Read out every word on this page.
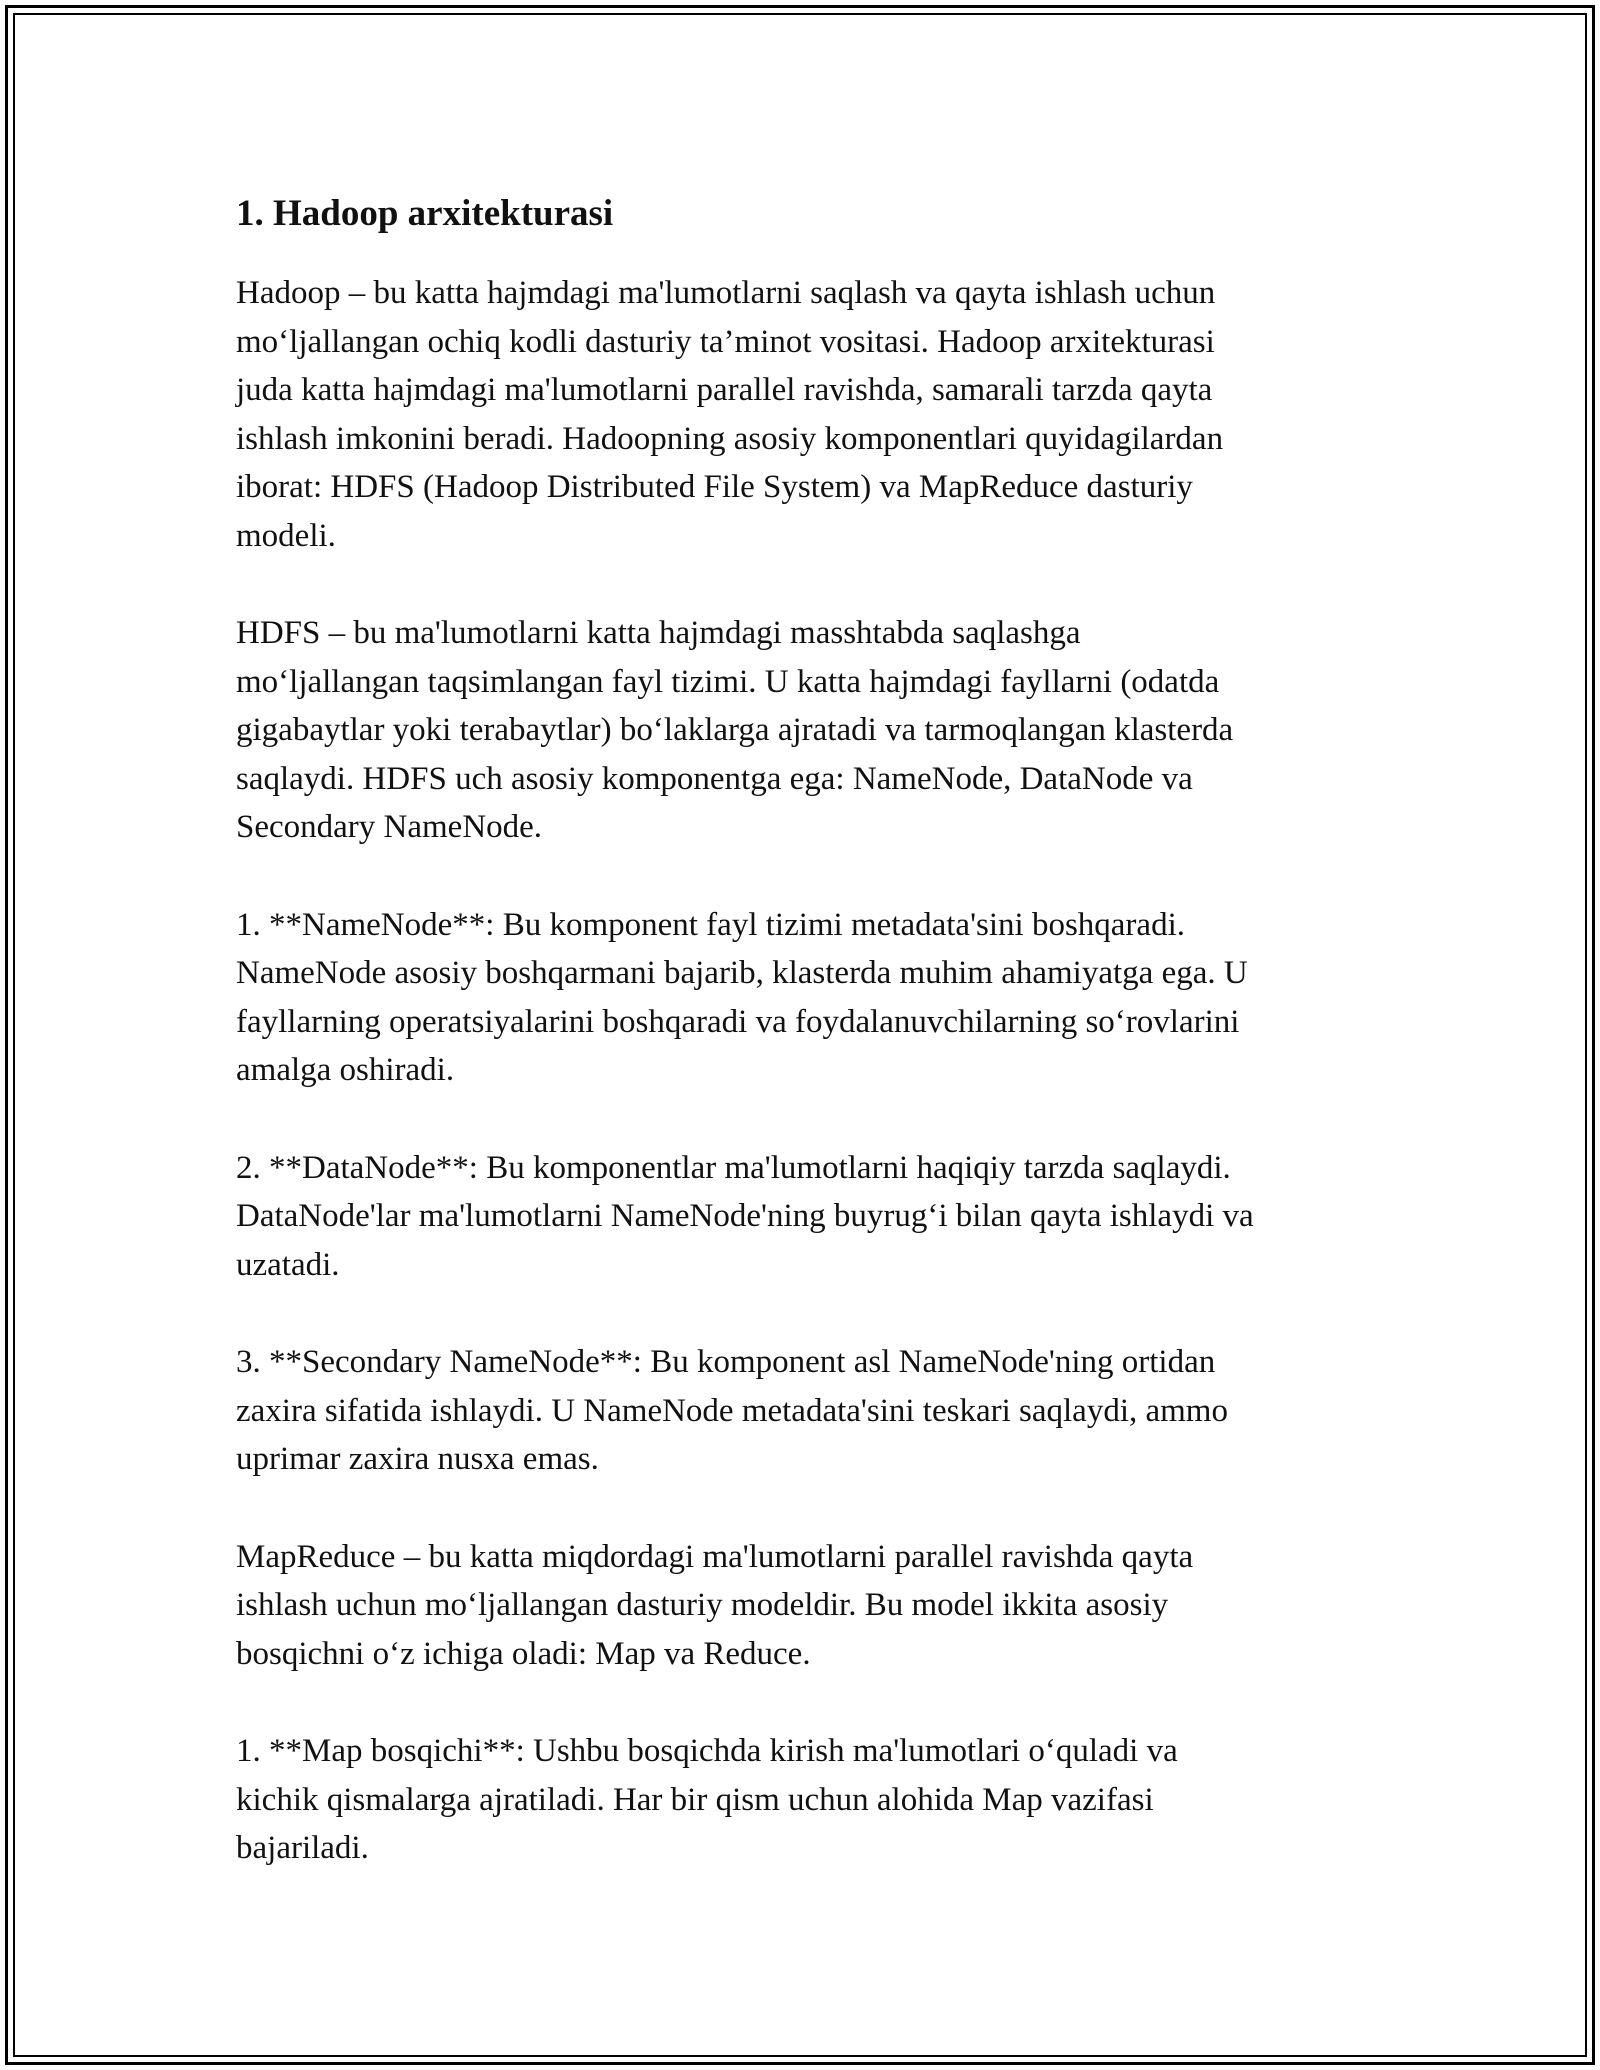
1. Hadoop arxitekturasi

Hadoop – bu katta hajmdagi ma'lumotlarni saqlash va qayta ishlash uchun
mo‘ljallangan ochiq kodli dasturiy ta’minot vositasi. Hadoop arxitekturasi
juda katta hajmdagi ma'lumotlarni parallel ravishda, samarali tarzda qayta
ishlash imkonini beradi. Hadoopning asosiy komponentlari quyidagilardan
iborat: HDFS (Hadoop Distributed File System) va MapReduce dasturiy
modeli.

HDFS – bu ma'lumotlarni katta hajmdagi masshtabda saqlashga
mo‘ljallangan taqsimlangan fayl tizimi. U katta hajmdagi fayllarni (odatda
gigabaytlar yoki terabaytlar) bo‘laklarga ajratadi va tarmoqlangan klasterda
saqlaydi. HDFS uch asosiy komponentga ega: NameNode, DataNode va
Secondary NameNode.

1. **NameNode**: Bu komponent fayl tizimi metadata'sini boshqaradi.
NameNode asosiy boshqarmani bajarib, klasterda muhim ahamiyatga ega. U
fayllarning operatsiyalarini boshqaradi va foydalanuvchilarning so‘rovlarini
amalga oshiradi.

2. **DataNode**: Bu komponentlar ma'lumotlarni haqiqiy tarzda saqlaydi.
DataNode'lar ma'lumotlarni NameNode'ning buyrug‘i bilan qayta ishlaydi va
uzatadi.

3. **Secondary NameNode**: Bu komponent asl NameNode'ning ortidan
zaxira sifatida ishlaydi. U NameNode metadata'sini teskari saqlaydi, ammo
uprimar zaxira nusxa emas.

MapReduce – bu katta miqdordagi ma'lumotlarni parallel ravishda qayta
ishlash uchun mo‘ljallangan dasturiy modeldir. Bu model ikkita asosiy
bosqichni o‘z ichiga oladi: Map va Reduce.

1. **Map bosqichi**: Ushbu bosqichda kirish ma'lumotlari o‘quladi va
kichik qismalarga ajratiladi. Har bir qism uchun alohida Map vazifasi
bajariladi.
